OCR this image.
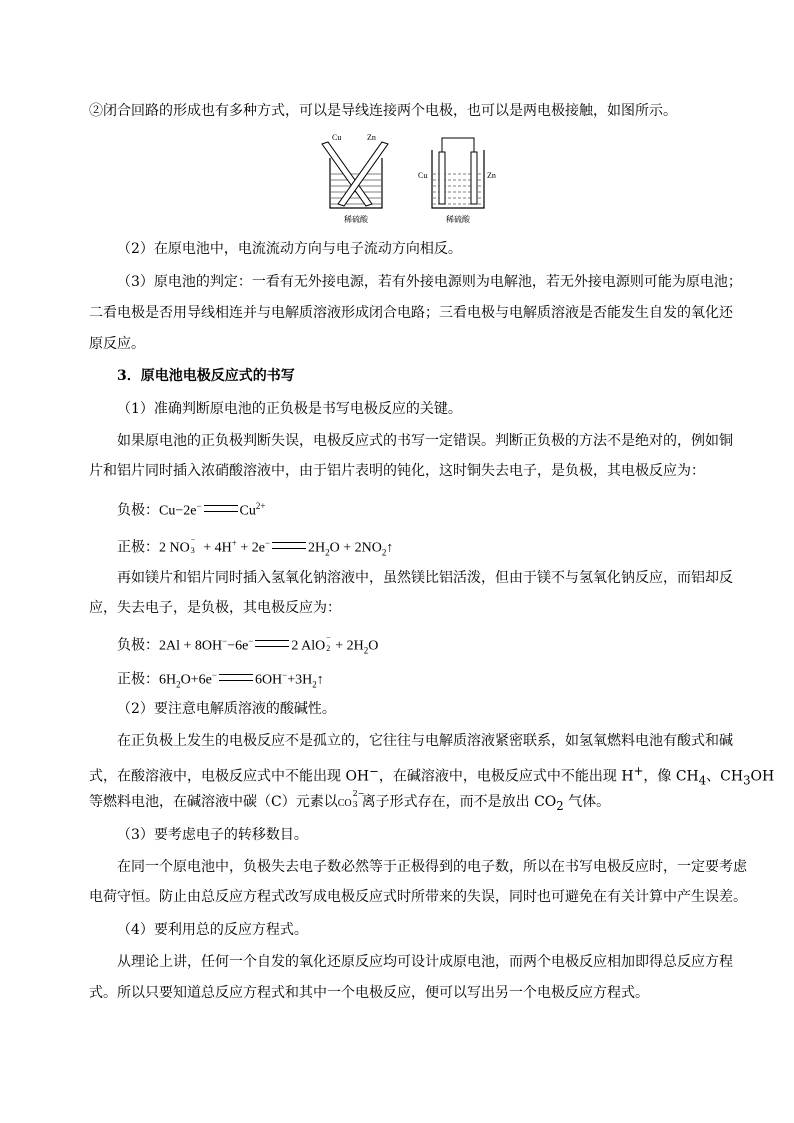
②闭合回路的形成也有多种方式，可以是导线连接两个电极，也可以是两电极接触，如图所示。

Cu	Zn
稀硫酸
Cu	Zn
稀硫酸

（2）在原电池中，电流流动方向与电子流动方向相反。

（3）原电池的判定：一看有无外接电源，若有外接电源则为电解池，若无外接电源则可能为原电池；

二看电极是否用导线相连并与电解质溶液形成闭合电路；三看电极与电解质溶液是否能发生自发的氧化还

原反应。

3．原电池电极反应式的书写

（1）准确判断原电池的正负极是书写电极反应的关键。

如果原电池的正负极判断失误，电极反应式的书写一定错误。判断正负极的方法不是绝对的，例如铜

片和铝片同时插入浓硝酸溶液中，由于铝片表明的钝化，这时铜失去电子，是负极，其电极反应为：

负极：Cu−2e−	$Cu^{2+}$

正极：2 NO
−
3 + 4H+ + 2e−	$2H_2O$ + $2NO_2↑$

再如镁片和铝片同时插入氢氧化钠溶液中，虽然镁比铝活泼，但由于镁不与氢氧化钠反应，而铝却反

应，失去电子，是负极，其电极反应为：

负极：2Al + 8OH−−6e−	2 AlO
−
$2 + 2H_2O$

正极：$6H_2O+6e^-$	$6OH^-+3H_2↑$

（2）要注意电解质溶液的酸碱性。

在正负极上发生的电极反应不是孤立的，它往往与电解质溶液紧密联系，如氢氧燃料电池有酸式和碱

式，在酸溶液中，电极反应式中不能出现 OH−，在碱溶液中，电极反应式中不能出现 H+，像 $CH_4$、$CH_3OH$

等燃料电池，在碱溶液中碳（C）元素以CO
2−
3 离子形式存在，而不是放出 $CO_2$ 气体。

（3）要考虑电子的转移数目。

在同一个原电池中，负极失去电子数必然等于正极得到的电子数，所以在书写电极反应时，一定要考虑

电荷守恒。防止由总反应方程式改写成电极反应式时所带来的失误，同时也可避免在有关计算中产生误差。

（4）要利用总的反应方程式。

从理论上讲，任何一个自发的氧化还原反应均可设计成原电池，而两个电极反应相加即得总反应方程

式。所以只要知道总反应方程式和其中一个电极反应，便可以写出另一个电极反应方程式。
